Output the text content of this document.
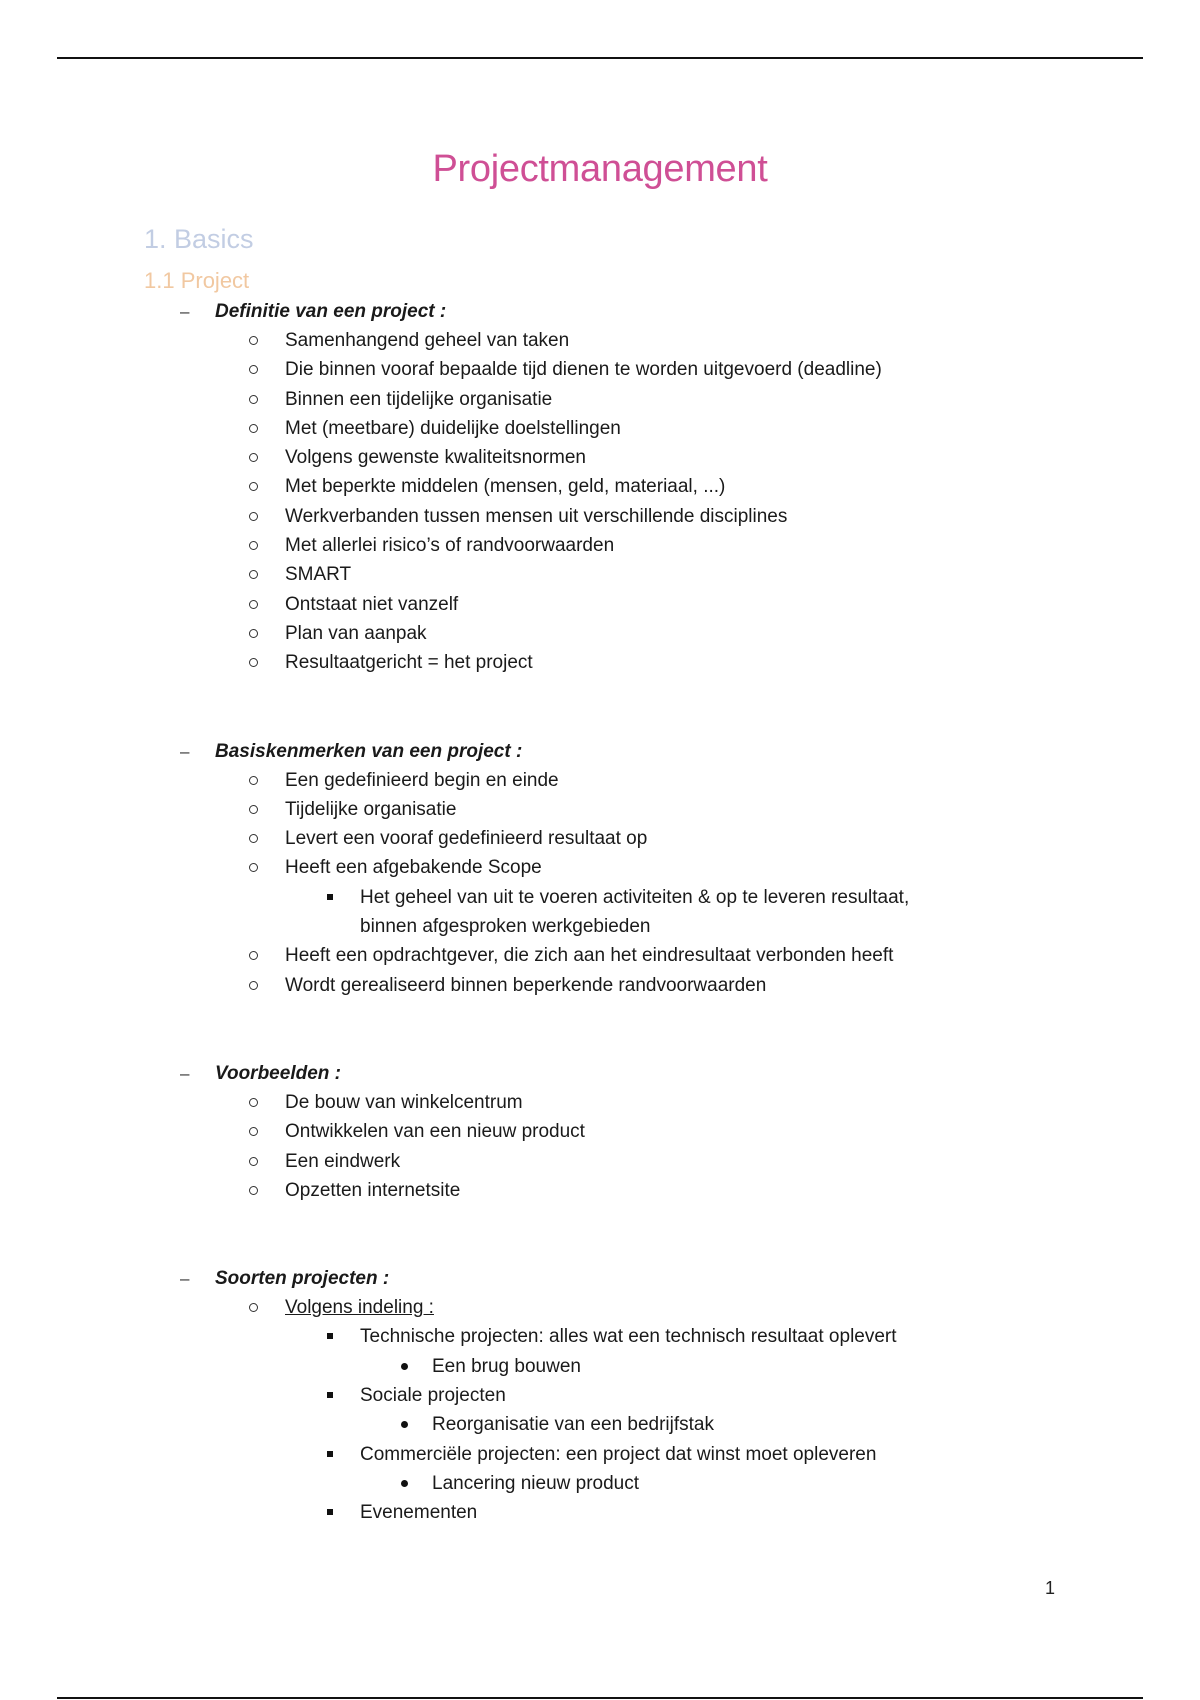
Projectmanagement
1. Basics
1.1 Project
– Definitie van een project :
Samenhangend geheel van taken
Die binnen vooraf bepaalde tijd dienen te worden uitgevoerd (deadline)
Binnen een tijdelijke organisatie
Met (meetbare) duidelijke doelstellingen
Volgens gewenste kwaliteitsnormen
Met beperkte middelen (mensen, geld, materiaal, ...)
Werkverbanden tussen mensen uit verschillende disciplines
Met allerlei risico’s of randvoorwaarden
SMART
Ontstaat niet vanzelf
Plan van aanpak
Resultaatgericht = het project
– Basiskenmerken van een project :
Een gedefinieerd begin en einde
Tijdelijke organisatie
Levert een vooraf gedefinieerd resultaat op
Heeft een afgebakende Scope
Het geheel van uit te voeren activiteiten & op te leveren resultaat, binnen afgesproken werkgebieden
Heeft een opdrachtgever, die zich aan het eindresultaat verbonden heeft
Wordt gerealiseerd binnen beperkende randvoorwaarden
– Voorbeelden :
De bouw van winkelcentrum
Ontwikkelen van een nieuw product
Een eindwerk
Opzetten internetsite
– Soorten projecten :
Volgens indeling :
Technische projecten: alles wat een technisch resultaat oplevert
Een brug bouwen
Sociale projecten
Reorganisatie van een bedrijfstak
Commerciële projecten: een project dat winst moet opleveren
Lancering nieuw product
Evenementen
1
